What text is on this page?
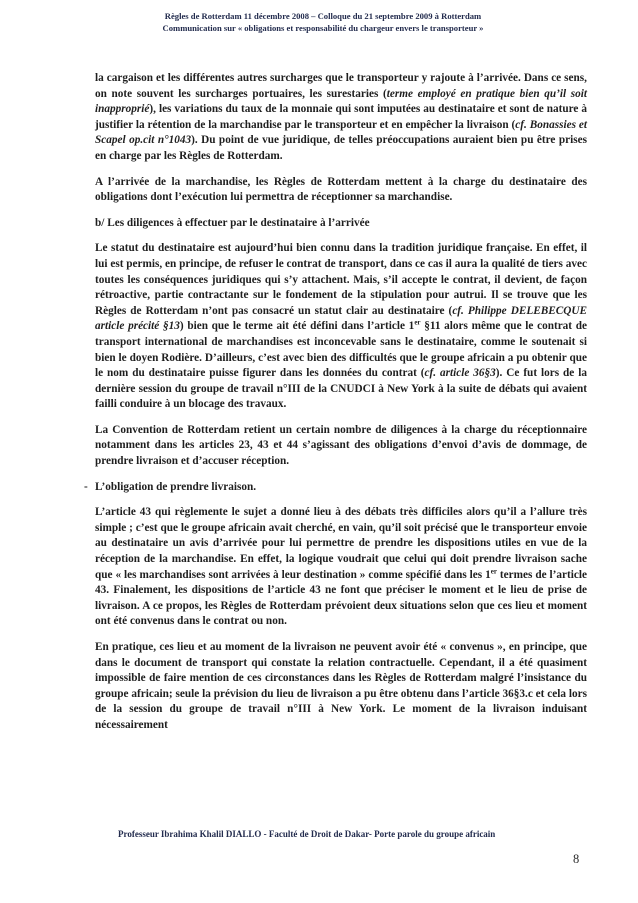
Règles de Rotterdam 11 décembre 2008 – Colloque du 21 septembre 2009 à Rotterdam
Communication sur « obligations et responsabilité du chargeur envers le transporteur »

la cargaison et les différentes autres surcharges que le transporteur y rajoute à l’arrivée. Dans ce sens, on note souvent les surcharges portuaires, les surestaries (terme employé en pratique bien qu’il soit inapproprié), les variations du taux de la monnaie qui sont imputées au destinataire et sont de nature à justifier la rétention de la marchandise par le transporteur et en empêcher la livraison (cf. Bonassies et Scapel op.cit n°1043). Du point de vue juridique, de telles préoccupations auraient bien pu être prises en charge par les Règles de Rotterdam.

A l’arrivée de la marchandise, les Règles de Rotterdam mettent à la charge du destinataire des obligations dont l’exécution lui permettra de réceptionner sa marchandise.

b/ Les diligences à effectuer par le destinataire à l’arrivée

Le statut du destinataire est aujourd’hui bien connu dans la tradition juridique française. En effet, il lui est permis, en principe, de refuser le contrat de transport, dans ce cas il aura la qualité de tiers avec toutes les conséquences juridiques qui s’y attachent. Mais, s’il accepte le contrat, il devient, de façon rétroactive, partie contractante sur le fondement de la stipulation pour autrui. Il se trouve que les Règles de Rotterdam n’ont pas consacré un statut clair au destinataire (cf. Philippe DELEBECQUE article précité §13) bien que le terme ait été défini dans l’article 1er §11 alors même que le contrat de transport international de marchandises est inconcevable sans le destinataire, comme le soutenait si bien le doyen Rodière. D’ailleurs, c’est avec bien des difficultés que le groupe africain a pu obtenir que le nom du destinataire puisse figurer dans les données du contrat (cf. article 36§3). Ce fut lors de la dernière session du groupe de travail n°III de la CNUDCI à New York à la suite de débats qui avaient failli conduire à un blocage des travaux.

La Convention de Rotterdam retient un certain nombre de diligences à la charge du réceptionnaire notamment dans les articles 23, 43 et 44 s’agissant des obligations d’envoi d’avis de dommage, de prendre livraison et d’accuser réception.

- L’obligation de prendre livraison.

L’article 43 qui règlemente le sujet a donné lieu à des débats très difficiles alors qu’il a l’allure très simple ; c’est que le groupe africain avait cherché, en vain, qu’il soit précisé que le transporteur envoie au destinataire un avis d’arrivée pour lui permettre de prendre les dispositions utiles en vue de la réception de la marchandise. En effet, la logique voudrait que celui qui doit prendre livraison sache que « les marchandises sont arrivées à leur destination » comme spécifié dans les 1er termes de l’article 43. Finalement, les dispositions de l’article 43 ne font que préciser le moment et le lieu de prise de livraison. A ce propos, les Règles de Rotterdam prévoient deux situations selon que ces lieu et moment ont été convenus dans le contrat ou non.

En pratique, ces lieu et au moment de la livraison ne peuvent avoir été « convenus », en principe, que dans le document de transport qui constate la relation contractuelle. Cependant, il a été quasiment impossible de faire mention de ces circonstances dans les Règles de Rotterdam malgré l’insistance du groupe africain; seule la prévision du lieu de livraison a pu être obtenu dans l’article 36§3.c et cela lors de la session du groupe de travail n°III à New York. Le moment de la livraison induisant nécessairement

Professeur Ibrahima Khalil DIALLO - Faculté de Droit de Dakar- Porte parole du groupe africain
8
